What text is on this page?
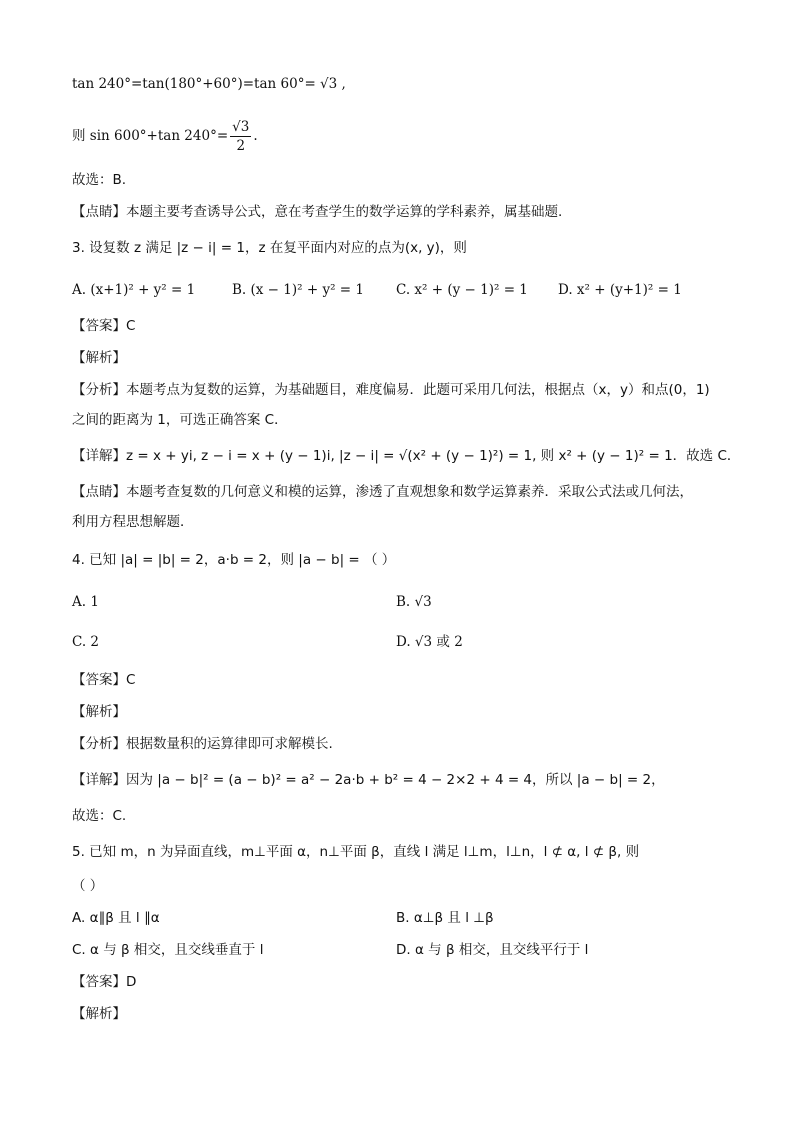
tan 240°=tan(180°+60°)=tan 60°= √3 ,
则 sin 600°+tan $240^\circ= \frac{√3}{2}$ .
故选：B.
【点睛】本题主要考查诱导公式，意在考查学生的数学运算的学科素养，属基础题.
3. 设复数 z 满足 |z − i| = 1，z 在复平面内对应的点为(x, y)，则
A. (x+1)² + y² = 1	B. (x − 1)² + y² = 1 C. x² + (y − 1)² = 1 D. x² + (y+1)² = 1
【答案】C
【解析】
【分析】本题考点为复数的运算，为基础题目，难度偏易．此题可采用几何法，根据点（x，y）和点(0，1)
之间的距离为 1，可选正确答案 C．
【详解】z = x + yi, z − i = x + (y − 1)i, |z − i| = √(x² + (y − 1)²) = 1, 则 x² + (y − 1)² = 1．故选 C．
【点睛】本题考查复数的几何意义和模的运算，渗透了直观想象和数学运算素养．采取公式法或几何法，
利用方程思想解题．
4. 已知 |a| = |b| = 2，a·b = 2，则 |a − b| = （ ）
A. 1	B. √3
C. 2	D. √3 或 2
【答案】C
【解析】
【分析】根据数量积的运算律即可求解模长.
【详解】因为 |a − b|² = (a − b)² = a² − 2a·b + b² = 4 − 2×2 + 4 = 4，所以 |a − b| = 2，
故选：C.
5. 已知 m，n 为异面直线，m⊥平面 α，n⊥平面 β，直线 l 满足 l⊥m，l⊥n，l ⊄ α, l ⊄ β, 则
（ ）
A. α∥β 且 l ∥α	B. α⊥β 且 l ⊥β
C. α 与 β 相交，且交线垂直于 l	D. α 与 β 相交，且交线平行于 l
【答案】D
【解析】
